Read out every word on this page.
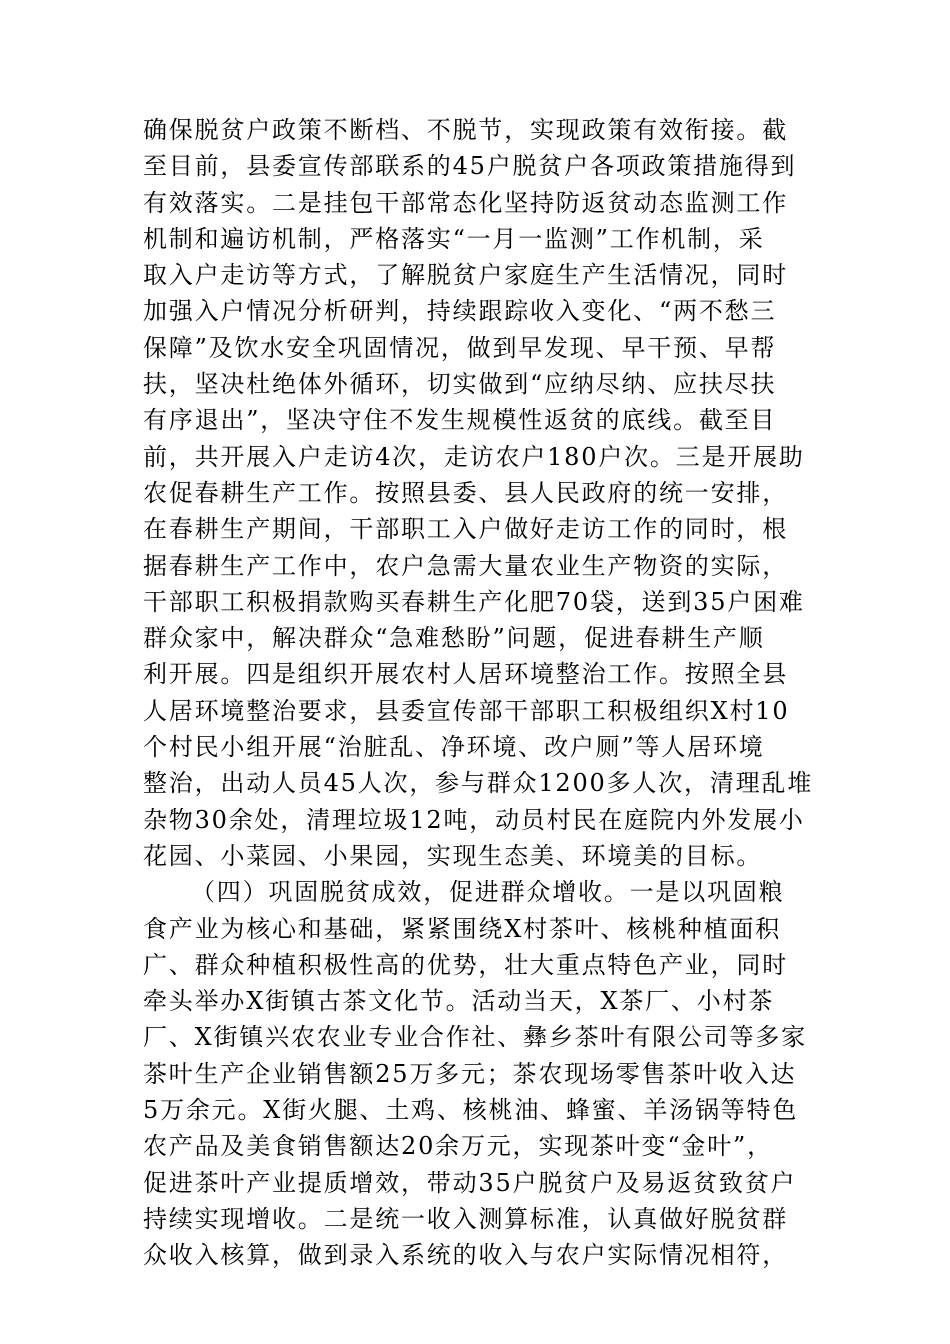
确保脱贫户政策不断档、不脱节，实现政策有效衔接。截
至目前，县委宣传部联系的45户脱贫户各项政策措施得到
有效落实。二是挂包干部常态化坚持防返贫动态监测工作
机制和遍访机制，严格落实“一月一监测”工作机制，采
取入户走访等方式，了解脱贫户家庭生产生活情况，同时
加强入户情况分析研判，持续跟踪收入变化、“两不愁三
保障”及饮水安全巩固情况，做到早发现、早干预、早帮
扶，坚决杜绝体外循环，切实做到“应纳尽纳、应扶尽扶
有序退出”，坚决守住不发生规模性返贫的底线。截至目
前，共开展入户走访4次，走访农户180户次。三是开展助
农促春耕生产工作。按照县委、县人民政府的统一安排，
在春耕生产期间，干部职工入户做好走访工作的同时，根
据春耕生产工作中，农户急需大量农业生产物资的实际，
干部职工积极捐款购买春耕生产化肥70袋，送到35户困难
群众家中，解决群众“急难愁盼”问题，促进春耕生产顺
利开展。四是组织开展农村人居环境整治工作。按照全县
人居环境整治要求，县委宣传部干部职工积极组织X村10
个村民小组开展“治脏乱、净环境、改户厕”等人居环境
整治，出动人员45人次，参与群众1200多人次，清理乱堆
杂物30余处，清理垃圾12吨，动员村民在庭院内外发展小
花园、小菜园、小果园，实现生态美、环境美的目标。
（四）巩固脱贫成效，促进群众增收。一是以巩固粮
食产业为核心和基础，紧紧围绕X村茶叶、核桃种植面积
广、群众种植积极性高的优势，壮大重点特色产业，同时
牵头举办X街镇古茶文化节。活动当天，X茶厂、小村茶
厂、X街镇兴农农业专业合作社、彝乡茶叶有限公司等多家
茶叶生产企业销售额25万多元；茶农现场零售茶叶收入达
5万余元。X街火腿、土鸡、核桃油、蜂蜜、羊汤锅等特色
农产品及美食销售额达20余万元，实现茶叶变“金叶”，
促进茶叶产业提质增效，带动35户脱贫户及易返贫致贫户
持续实现增收。二是统一收入测算标准，认真做好脱贫群
众收入核算，做到录入系统的收入与农户实际情况相符，
